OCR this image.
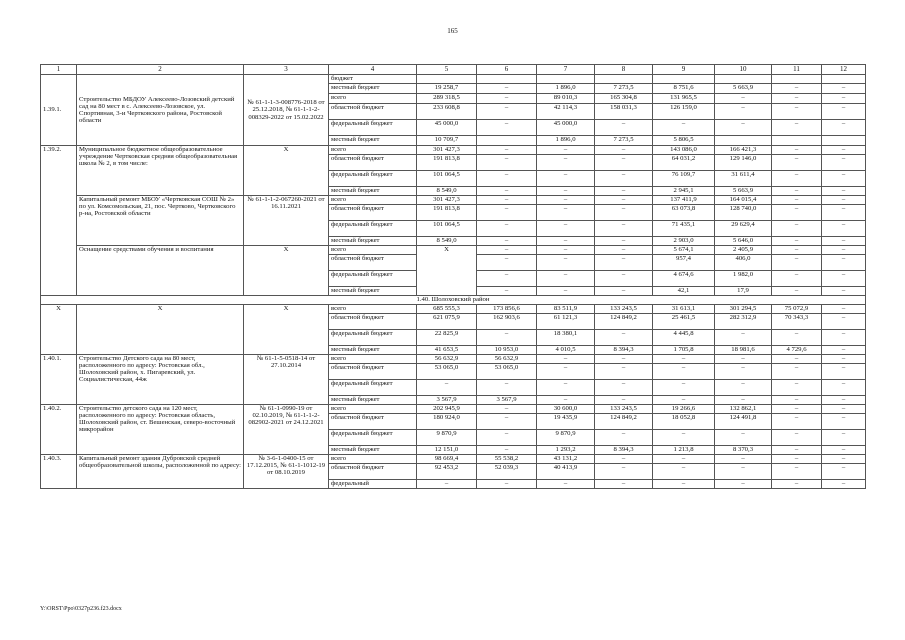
165
1	2	3	4	5	6	7	8	9	10	11	12
1.39.1.	Строительство МБДОУ Алексеево-Лозовский детский сад на 80 мест в с. Алексеево-Лозовское, ул. Спортивная, 3-и Чертковского района, Ростовской области	№ 61-1-1-3-008776-2018 от 25.12.2018, № 61-1-1-2-008329-2022 от 15.02.2022	бюджет								
			местный бюджет	19 258,7	–	1 896,0	7 273,5	8 751,6	5 663,9	–	–
			всего	289 318,5	–	89 010,3	165 304,8	131 965,5	–	–	–
			областной бюджет	233 608,8	–	42 114,3	158 031,3	126 159,0	–	–	–
			федеральный бюджет	45 000,0	–	45 000,0	–	–	–	–	–
			местный бюджет	10 709,7		1 896,0	7 273,5	5 806,5			
1.39.2.	Муниципальное бюджетное общеобразовательное учреждение Чертковская средняя общеобразовательная школа № 2, в том числе:	X	всего	301 427,3	–	–	–	143 086,0	166 421,3	–	–
			областной бюджет	191 813,8	–	–	–	64 031,2	129 146,0	–	–
			федеральный бюджет	101 064,5	–	–	–	76 109,7	31 611,4	–	–
			местный бюджет	8 549,0	–	–	–	2 945,1	5 663,9	–	–
	Капитальный ремонт МБОУ «Чертковская СОШ № 2» по ул. Комсомольская, 21, пос. Чертково, Чертковского р-на, Ростовской области	№ 61-1-1-2-067260-2021 от 16.11.2021	всего	301 427,3	–	–	–	137 411,9	164 015,4	–	–
			областной бюджет	191 813,8	–	–	–	63 073,8	128 740,0	–	–
			федеральный бюджет	101 064,5	–	–	–	71 435,1	29 629,4	–	–
			местный бюджет	8 549,0	–	–	–	2 903,0	5 646,0	–	–
	Оснащение средствами обучения и воспитания	X	всего	X	–	–	–	5 674,1	2 405,9	–	–
			областной бюджет		–	–	–	957,4	406,0	–	–
			федеральный бюджет		–	–	–	4 674,6	1 982,0	–	–
			местный бюджет		–	–	–	42,1	17,9	–	–
1.40. Шолоховский район											
X	X	X	всего	685 555,3	173 856,6	83 511,9	133 243,5	31 613,1	301 294,5	75 072,9	–
			областной бюджет	621 075,9	162 903,6	61 121,3	124 849,2	25 461,5	282 312,9	70 343,3	–
			федеральный бюджет	22 825,9	–	18 380,1	–	4 445,8	–	–	–
			местный бюджет	41 653,5	10 953,0	4 010,5	8 394,3	1 705,8	18 981,6	4 729,6	–
1.40.1.	Строительство Детского сада на 80 мест, расположенного по адресу: Ростовская обл., Шолоховский район, х. Пигаревский, ул. Социалистическая, 44ж	№ 61-1-5-0518-14 от 27.10.2014	всего	56 632,9	56 632,9	–	–	–	–	–	–
			областной бюджет	53 065,0	53 065,0	–	–	–	–	–	–
			федеральный бюджет	–	–	–	–	–	–	–	–
			местный бюджет	3 567,9	3 567,9	–	–	–	–	–	–
1.40.2.	Строительство детского сада на 120 мест, расположенного по адресу: Ростовская область, Шолоховский район, ст. Вешенская, северо-восточный микрорайон	№ 61-1-0990-19 от 02.10.2019, № 61-1-1-2-082902-2021 от 24.12.2021	всего	202 945,9	–	30 600,0	133 243,5	19 266,6	132 862,1	–	–
			областной бюджет	180 924,0	–	19 435,9	124 849,2	18 052,8	124 491,8	–	–
			федеральный бюджет	9 870,9	–	9 870,9	–	–	–	–	–
			местный бюджет	12 151,0	–	1 293,2	8 394,3	1 213,8	8 370,3	–	–
1.40.3.	Капитальный ремонт здания Дубровской средней общеобразовательной школы, расположенной по адресу:	№ 3-6-1-0400-15 от 17.12.2015, № 61-1-1012-19 от 08.10.2019	всего	98 669,4	55 538,2	43 131,2	–	–	–	–	–
			областной бюджет	92 453,2	52 039,3	40 413,9	–	–	–	–	–
			федеральный	–	–	–	–	–	–	–	–
Y:\ORST\Ppo\0327p236.f23.docx
